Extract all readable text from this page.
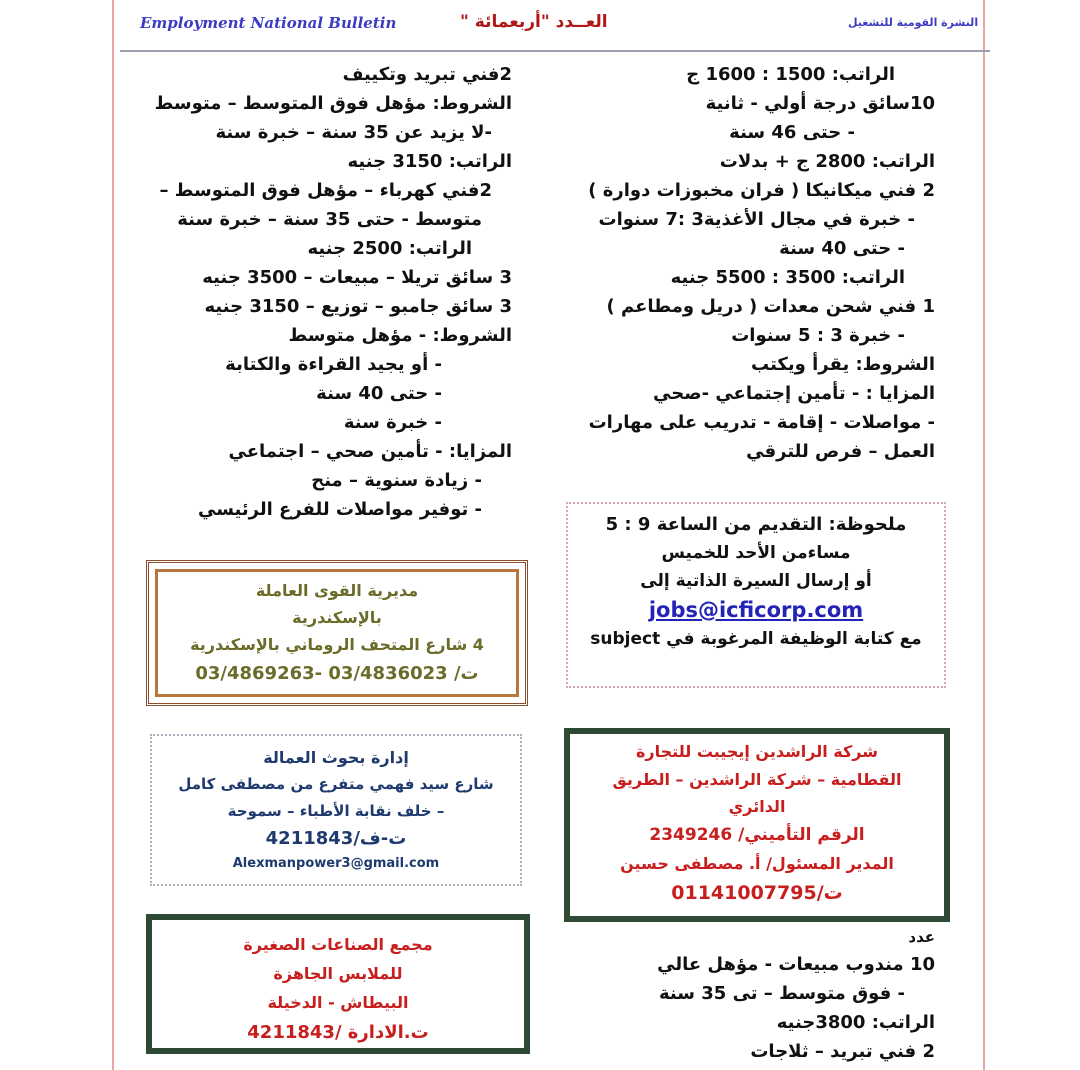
Employment National Bulletin	العــدد "أربعمائة "	النشرة القومية للتشغيل
الراتب: 1500 : 1600 ج
10سائق درجة أولي - ثانية
- حتى 46 سنة
الراتب: 2800 ج + بدلات
2 فني ميكانيكا ( فران مخبوزات دوارة )
- خبرة في مجال الأغذية3 :7 سنوات
- حتى 40 سنة
الراتب: 3500 : 5500 جنيه
1 فني شحن معدات ( دريل ومطاعم )
- خبرة 3 : 5 سنوات
الشروط: يقرأ ويكتب
المزايا : - تأمين إجتماعي -صحي
- مواصلات - إقامة - تدريب على مهارات
العمل – فرص للترقي
2فني تبريد وتكييف
الشروط: مؤهل فوق المتوسط – متوسط
-لا يزيد عن 35 سنة – خبرة سنة
الراتب: 3150 جنيه
2فني كهرباء – مؤهل فوق المتوسط –
متوسط - حتى 35 سنة – خبرة سنة
الراتب: 2500 جنيه
3 سائق تريلا – مبيعات – 3500 جنيه
3 سائق جامبو – توزيع – 3150 جنيه
الشروط: - مؤهل متوسط
- أو يجيد القراءة والكتابة
- حتى 40 سنة
- خبرة سنة
المزايا: - تأمين صحي – اجتماعي
- زيادة سنوية – منح
- توفير مواصلات للفرع الرئيسي
ملحوظة: التقديم من الساعة 9 : 5
مساءمن الأحد للخميس
أو إرسال السيرة الذاتية إلى
jobs@icficorp.com
مع كتابة الوظيفة المرغوبة في subject
مديرية القوى العاملة
بالإسكندرية
4 شارع المتحف الروماني بالإسكندرية
ت/ 03/4836023 -03/4869263
إدارة بحوث العمالة
شارع سيد فهمي متفرع من مصطفى كامل
– خلف نقابة الأطباء – سموحة
ت-ف/4211843
Alexmanpower3@gmail.com
شركة الراشدين إيجيبت للتجارة
القطامية – شركة الراشدين – الطريق
الدائري
الرقم التأميني/ 2349246
المدير المسئول/ أ. مصطفى حسين
ت/01141007795
مجمع الصناعات الصغيرة
للملابس الجاهزة
البيطاش - الدخيلة
ت.الادارة /4211843
عدد
10 مندوب مبيعات - مؤهل عالي
- فوق متوسط – تى 35 سنة
الراتب: 3800جنيه
2 فني تبريد – ثلاجات
